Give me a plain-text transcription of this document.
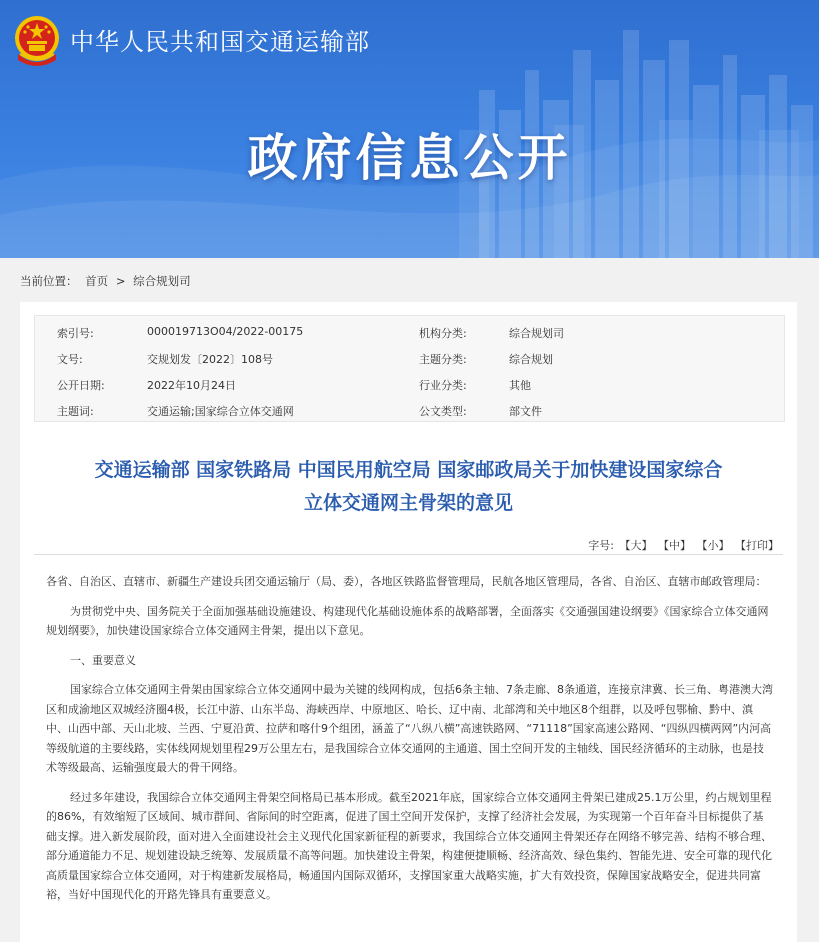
中华人民共和国交通运输部
政府信息公开
当前位置： 首页 > 综合规划司
索引号:	000019713O04/2022-00175	机构分类:	综合规划司
文号:	交规划发〔2022〕108号	主题分类:	综合规划
公开日期:	2022年10月24日	行业分类:	其他
主题词:	交通运输;国家综合立体交通网	公文类型:	部文件
交通运输部 国家铁路局 中国民用航空局 国家邮政局关于加快建设国家综合
立体交通网主骨架的意见
字号: 【大】 【中】 【小】 【打印】

各省、自治区、直辖市、新疆生产建设兵团交通运输厅（局、委），各地区铁路监督管理局，民航各地区管理局，各省、自治区、直辖市邮政管理局：

为贯彻党中央、国务院关于全面加强基础设施建设、构建现代化基础设施体系的战略部署，全面落实《交通强国建设纲要》《国家综合立体交通网规划纲要》，加快建设国家综合立体交通网主骨架，提出以下意见。

一、重要意义

国家综合立体交通网主骨架由国家综合立体交通网中最为关键的线网构成，包括6条主轴、7条走廊、8条通道，连接京津冀、长三角、粤港澳大湾区和成渝地区双城经济圈4极，长江中游、山东半岛、海峡西岸、中原地区、哈长、辽中南、北部湾和关中地区8个组群，以及呼包鄂榆、黔中、滇中、山西中部、天山北坡、兰西、宁夏沿黄、拉萨和喀什9个组团，涵盖了“八纵八横”高速铁路网、“71118”国家高速公路网、“四纵四横两网”内河高等级航道的主要线路，实体线网规划里程29万公里左右，是我国综合立体交通网的主通道、国土空间开发的主轴线、国民经济循环的主动脉，也是技术等级最高、运输强度最大的骨干网络。

经过多年建设，我国综合立体交通网主骨架空间格局已基本形成。截至2021年底，国家综合立体交通网主骨架已建成25.1万公里，约占规划里程的86%，有效缩短了区域间、城市群间、省际间的时空距离，促进了国土空间开发保护，支撑了经济社会发展，为实现第一个百年奋斗目标提供了基础支撑。进入新发展阶段，面对进入全面建设社会主义现代化国家新征程的新要求，我国综合立体交通网主骨架还存在网络不够完善、结构不够合理、部分通道能力不足、规划建设缺乏统筹、发展质量不高等问题。加快建设主骨架，构建便捷顺畅、经济高效、绿色集约、智能先进、安全可靠的现代化高质量国家综合立体交通网，对于构建新发展格局，畅通国内国际双循环，支撑国家重大战略实施，扩大有效投资，保障国家战略安全，促进共同富裕，当好中国现代化的开路先锋具有重要意义。
